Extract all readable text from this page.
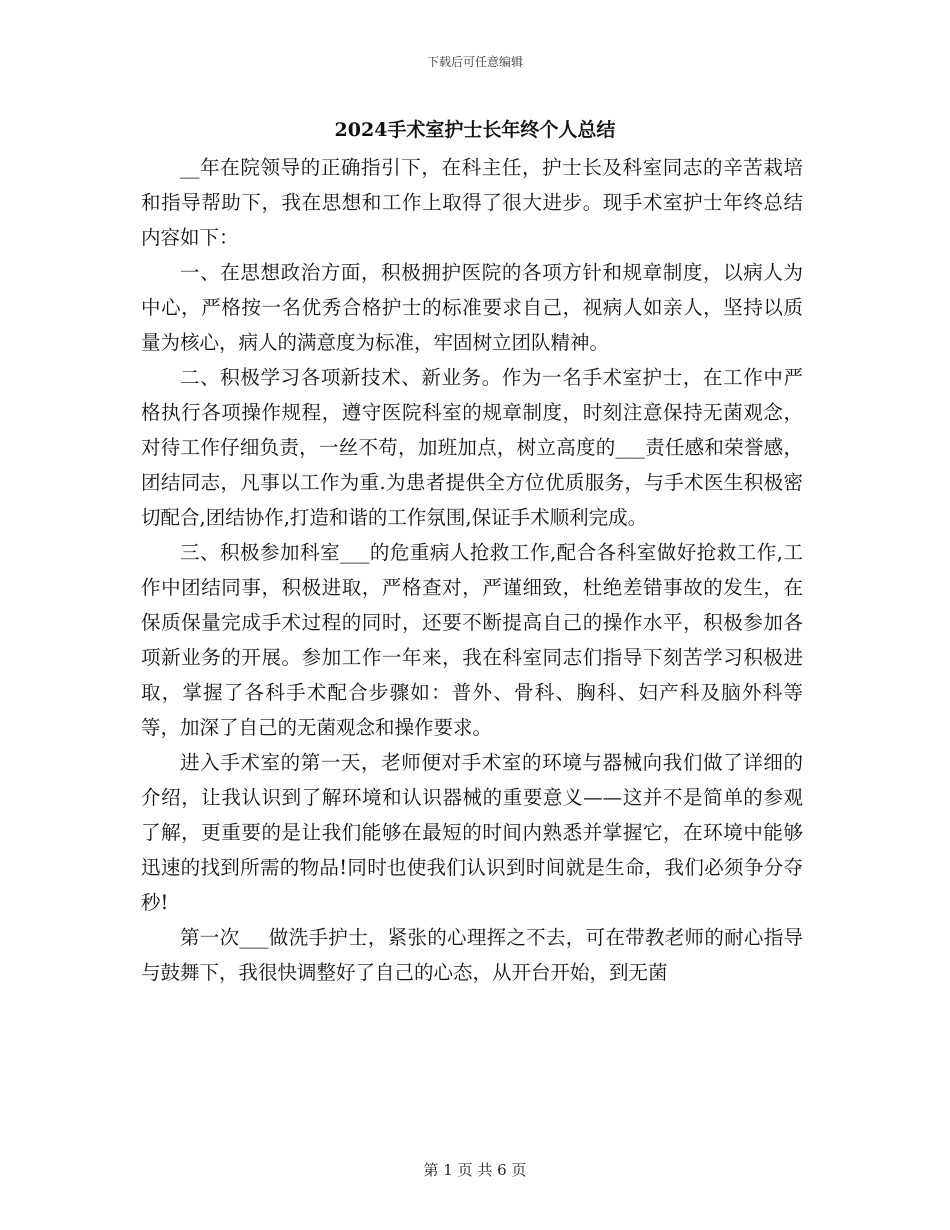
下载后可任意编辑
2024手术室护士长年终个人总结

__年在院领导的正确指引下，在科主任，护士长及科室同志的辛苦栽培和指导帮助下，我在思想和工作上取得了很大进步。现手术室护士年终总结内容如下：

一、在思想政治方面，积极拥护医院的各项方针和规章制度，以病人为中心，严格按一名优秀合格护士的标准要求自己，视病人如亲人，坚持以质量为核心，病人的满意度为标准，牢固树立团队精神。

二、积极学习各项新技术、新业务。作为一名手术室护士，在工作中严格执行各项操作规程，遵守医院科室的规章制度，时刻注意保持无菌观念，对待工作仔细负责，一丝不苟，加班加点，树立高度的___责任感和荣誉感，团结同志，凡事以工作为重.为患者提供全方位优质服务，与手术医生积极密切配合,团结协作,打造和谐的工作氛围,保证手术顺利完成。

三、积极参加科室___的危重病人抢救工作,配合各科室做好抢救工作,工作中团结同事，积极进取，严格查对，严谨细致，杜绝差错事故的发生，在保质保量完成手术过程的同时，还要不断提高自己的操作水平，积极参加各项新业务的开展。参加工作一年来，我在科室同志们指导下刻苦学习积极进取，掌握了各科手术配合步骤如：普外、骨科、胸科、妇产科及脑外科等等，加深了自己的无菌观念和操作要求。

进入手术室的第一天，老师便对手术室的环境与器械向我们做了详细的介绍，让我认识到了解环境和认识器械的重要意义——这并不是简单的参观了解，更重要的是让我们能够在最短的时间内熟悉并掌握它，在环境中能够迅速的找到所需的物品!同时也使我们认识到时间就是生命，我们必须争分夺秒!

第一次___做洗手护士，紧张的心理挥之不去，可在带教老师的耐心指导与鼓舞下，我很快调整好了自己的心态，从开台开始，到无菌

第 1 页 共 6 页
